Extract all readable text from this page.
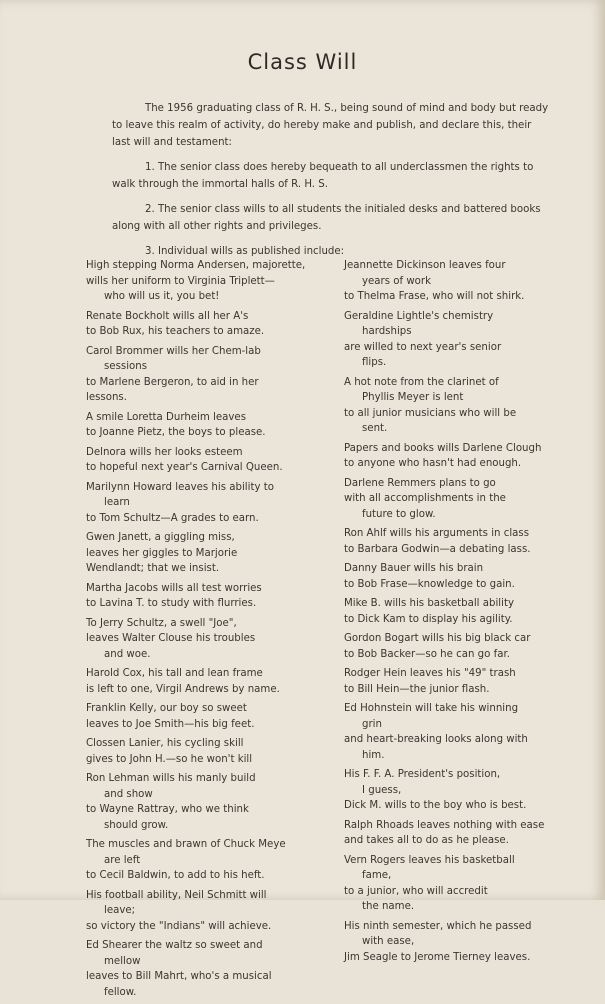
Class Will

The 1956 graduating class of R. H. S., being sound of mind and body but ready to leave this realm of activity, do hereby make and publish, and declare this, their last will and testament:

1. The senior class does hereby bequeath to all underclassmen the rights to walk through the immortal halls of R. H. S.

2. The senior class wills to all students the initialed desks and battered books along with all other rights and privileges.

3. Individual wills as published include:

High stepping Norma Andersen, majorette,
wills her uniform to Virginia Triplett—
who will us it, you bet!
Renate Bockholt wills all her A's
to Bob Rux, his teachers to amaze.
Carol Brommer wills her Chem-lab
sessions
to Marlene Bergeron, to aid in her
lessons.
A smile Loretta Durheim leaves
to Joanne Pietz, the boys to please.
Delnora wills her looks esteem
to hopeful next year's Carnival Queen.
Marilynn Howard leaves his ability to
learn
to Tom Schultz—A grades to earn.
Gwen Janett, a giggling miss,
leaves her giggles to Marjorie
Wendlandt; that we insist.
Martha Jacobs wills all test worries
to Lavina T. to study with flurries.
To Jerry Schultz, a swell "Joe",
leaves Walter Clouse his troubles
and woe.
Harold Cox, his tall and lean frame
is left to one, Virgil Andrews by name.
Franklin Kelly, our boy so sweet
leaves to Joe Smith—his big feet.
Clossen Lanier, his cycling skill
gives to John H.—so he won't kill
Ron Lehman wills his manly build
and show
to Wayne Rattray, who we think
should grow.
The muscles and brawn of Chuck Meye
are left
to Cecil Baldwin, to add to his heft.
His football ability, Neil Schmitt will
leave;
so victory the "Indians" will achieve.
Ed Shearer the waltz so sweet and
mellow
leaves to Bill Mahrt, who's a musical
fellow.
Jeannette Dickinson leaves four
years of work
to Thelma Frase, who will not shirk.
Geraldine Lightle's chemistry
hardships
are willed to next year's senior
flips.
A hot note from the clarinet of
Phyllis Meyer is lent
to all junior musicians who will be
sent.
Papers and books wills Darlene Clough
to anyone who hasn't had enough.
Darlene Remmers plans to go
with all accomplishments in the
future to glow.
Ron Ahlf wills his arguments in class
to Barbara Godwin—a debating lass.
Danny Bauer wills his brain
to Bob Frase—knowledge to gain.
Mike B. wills his basketball ability
to Dick Kam to display his agility.
Gordon Bogart wills his big black car
to Bob Backer—so he can go far.
Rodger Hein leaves his "49" trash
to Bill Hein—the junior flash.
Ed Hohnstein will take his winning
grin
and heart-breaking looks along with
him.
His F. F. A. President's position,
I guess,
Dick M. wills to the boy who is best.
Ralph Rhoads leaves nothing with ease
and takes all to do as he please.
Vern Rogers leaves his basketball
fame,
to a junior, who will accredit
the name.
His ninth semester, which he passed
with ease,
Jim Seagle to Jerome Tierney leaves.
